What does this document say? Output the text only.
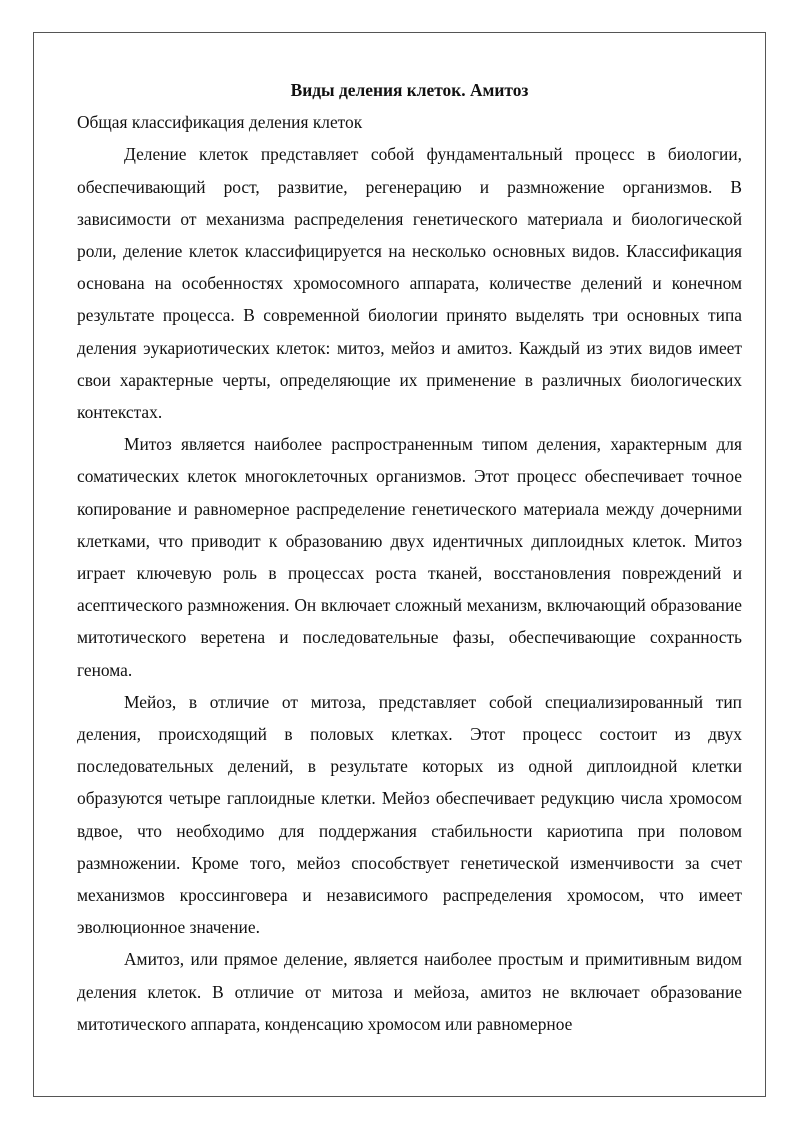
Виды деления клеток. Амитоз

Общая классификация деления клеток

Деление клеток представляет собой фундаментальный процесс в биологии, обеспечивающий рост, развитие, регенерацию и размножение организмов. В зависимости от механизма распределения генетического материала и биологической роли, деление клеток классифицируется на несколько основных видов. Классификация основана на особенностях хромосомного аппарата, количестве делений и конечном результате процесса. В современной биологии принято выделять три основных типа деления эукариотических клеток: митоз, мейоз и амитоз. Каждый из этих видов имеет свои характерные черты, определяющие их применение в различных биологических контекстах.

Митоз является наиболее распространенным типом деления, характерным для соматических клеток многоклеточных организмов. Этот процесс обеспечивает точное копирование и равномерное распределение генетического материала между дочерними клетками, что приводит к образованию двух идентичных диплоидных клеток. Митоз играет ключевую роль в процессах роста тканей, восстановления повреждений и асептического размножения. Он включает сложный механизм, включающий образование митотического веретена и последовательные фазы, обеспечивающие сохранность генома.

Мейоз, в отличие от митоза, представляет собой специализированный тип деления, происходящий в половых клетках. Этот процесс состоит из двух последовательных делений, в результате которых из одной диплоидной клетки образуются четыре гаплоидные клетки. Мейоз обеспечивает редукцию числа хромосом вдвое, что необходимо для поддержания стабильности кариотипа при половом размножении. Кроме того, мейоз способствует генетической изменчивости за счет механизмов кроссинговера и независимого распределения хромосом, что имеет эволюционное значение.

Амитоз, или прямое деление, является наиболее простым и примитивным видом деления клеток. В отличие от митоза и мейоза, амитоз не включает образование митотического аппарата, конденсацию хромосом или равномерное
